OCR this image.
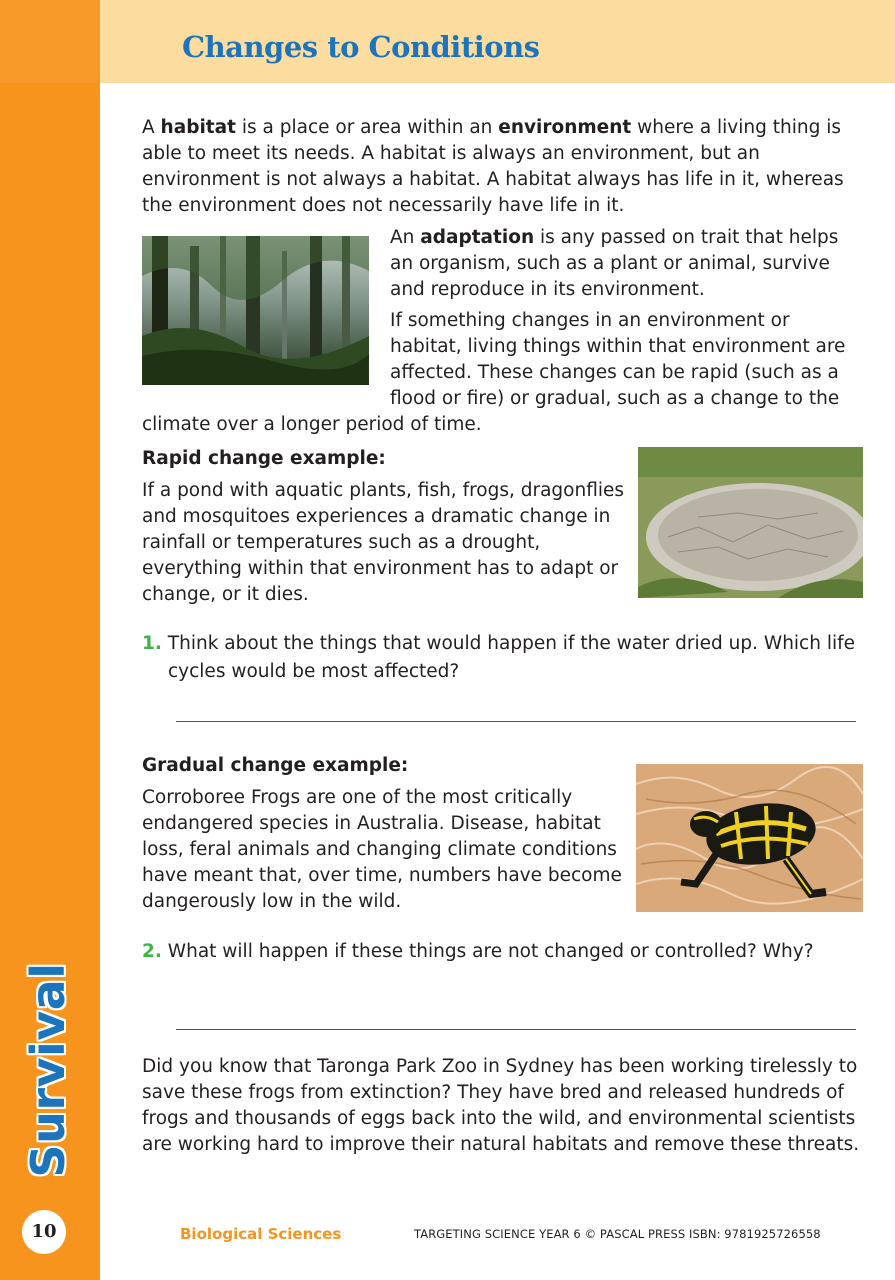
Changes to Conditions
Survival
10

A habitat is a place or area within an environment where a living thing is able to meet its needs. A habitat is always an environment, but an environment is not always a habitat. A habitat always has life in it, whereas the environment does not necessarily have life in it.

An adaptation is any passed on trait that helps an organism, such as a plant or animal, survive and reproduce in its environment.

If something changes in an environment or habitat, living things within that environment are affected. These changes can be rapid (such as a flood or fire) or gradual, such as a change to the climate over a longer period of time.
Rapid change example:

If a pond with aquatic plants, fish, frogs, dragonflies and mosquitoes experiences a dramatic change in rainfall or temperatures such as a drought, everything within that environment has to adapt or change, or it dies.

1. Think about the things that would happen if the water dried up. Which life cycles would be most affected?

Gradual change example:

Corroboree Frogs are one of the most critically endangered species in Australia. Disease, habitat loss, feral animals and changing climate conditions have meant that, over time, numbers have become dangerously low in the wild.

2. What will happen if these things are not changed or controlled? Why?

Did you know that Taronga Park Zoo in Sydney has been working tirelessly to save these frogs from extinction? They have bred and released hundreds of frogs and thousands of eggs back into the wild, and environmental scientists are working hard to improve their natural habitats and remove these threats.

Biological Sciences	TARGETING SCIENCE YEAR 6 © PASCAL PRESS ISBN: 9781925726558
